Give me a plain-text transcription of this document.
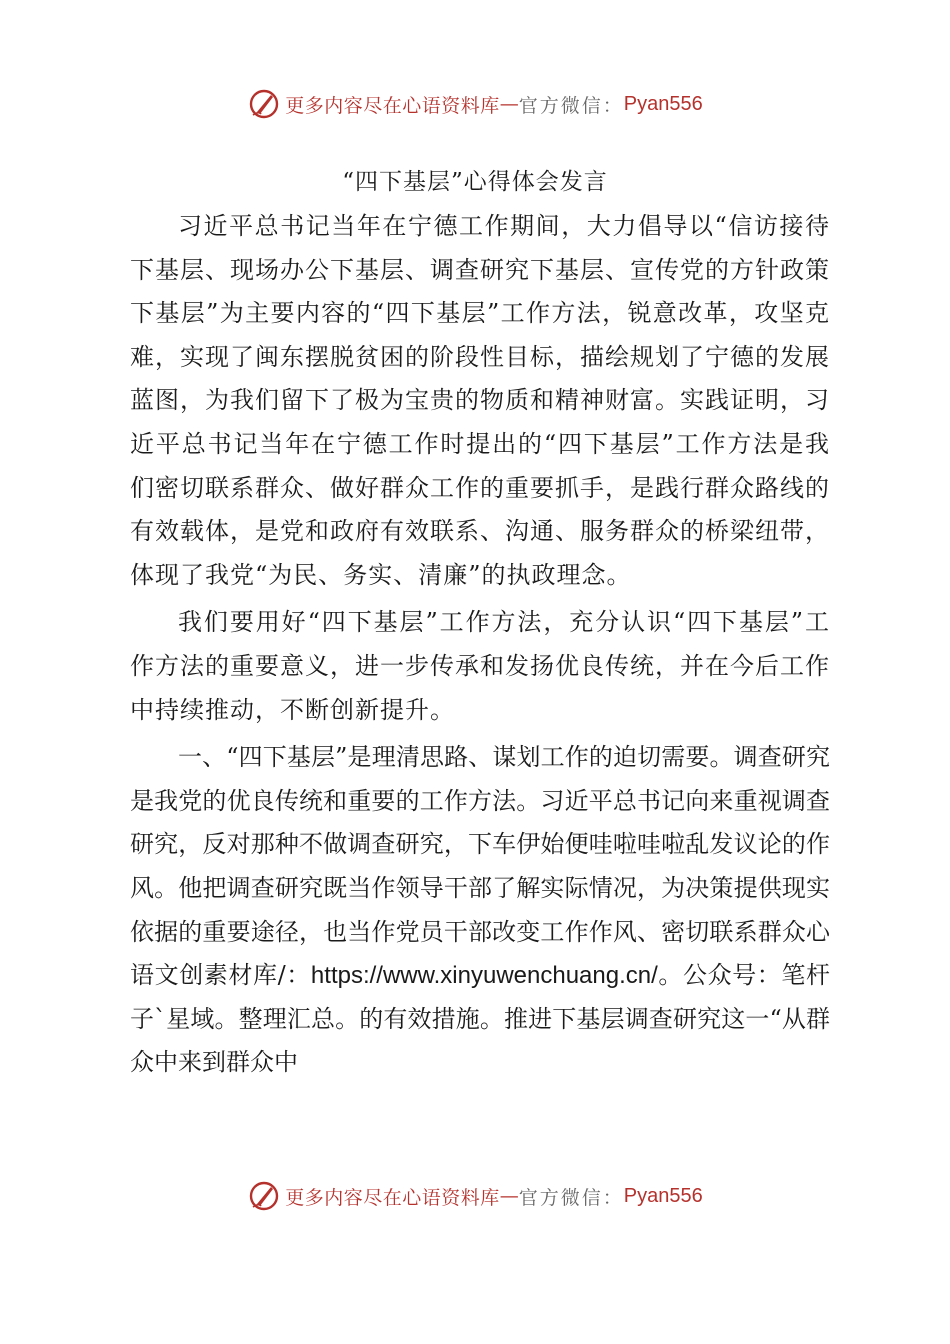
更多内容尽在心语资料库 — 官方微信： Pyan556
“四下基层”心得体会发言

习近平总书记当年在宁德工作期间，大力倡导以“信访接待下基层、现场办公下基层、调查研究下基层、宣传党的方针政策下基层”为主要内容的“四下基层”工作方法，锐意改革，攻坚克难，实现了闽东摆脱贫困的阶段性目标，描绘规划了宁德的发展蓝图，为我们留下了极为宝贵的物质和精神财富。实践证明，习近平总书记当年在宁德工作时提出的“四下基层”工作方法是我们密切联系群众、做好群众工作的重要抓手，是践行群众路线的有效载体，是党和政府有效联系、沟通、服务群众的桥梁纽带，体现了我党“为民、务实、清廉”的执政理念。

我们要用好“四下基层”工作方法，充分认识“四下基层”工作方法的重要意义，进一步传承和发扬优良传统，并在今后工作中持续推动，不断创新提升。

一、“四下基层”是理清思路、谋划工作的迫切需要。调查研究是我党的优良传统和重要的工作方法。习近平总书记向来重视调查研究，反对那种不做调查研究，下车伊始便哇啦哇啦乱发议论的作风。他把调查研究既当作领导干部了解实际情况，为决策提供现实依据的重要途径，也当作党员干部改变工作作风、密切联系群众心语文创素材库/：https://www.xinyuwenchuang.cn/。公众号：笔杆子`星域。整理汇总。的有效措施。推进下基层调查研究这一“从群众中来到群众中

更多内容尽在心语资料库 — 官方微信： Pyan556
